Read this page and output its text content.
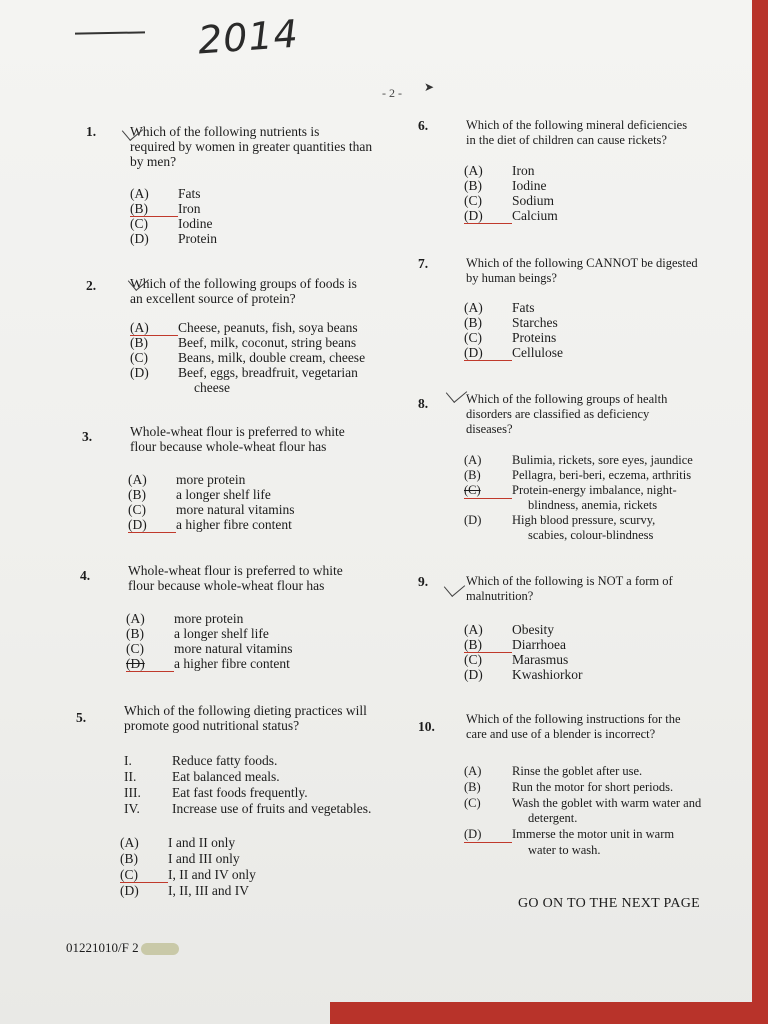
2014
- 2 - ➤
1.	Which of the following nutrients is
required by women in greater quantities than
by men?
(A) Fats
(B) Iron
(C) Iodine
(D) Protein
2.	Which of the following groups of foods is
an excellent source of protein?
(A) Cheese, peanuts, fish, soya beans
(B) Beef, milk, coconut, string beans
(C) Beans, milk, double cream, cheese
(D) Beef, eggs, breadfruit, vegetarian
cheese
3.	Whole-wheat flour is preferred to white
flour because whole-wheat flour has
(A) more protein
(B) a longer shelf life
(C) more natural vitamins
(D) a higher fibre content
4.	Whole-wheat flour is preferred to white
flour because whole-wheat flour has
(A) more protein
(B) a longer shelf life
(C) more natural vitamins
(D) a higher fibre content
5.	Which of the following dieting practices will
promote good nutritional status?
I.	Reduce fatty foods.
II.	Eat balanced meals.
III. Eat fast foods frequently.
IV. Increase use of fruits and vegetables.
(A) I and II only
(B) I and III only
(C) I, II and IV only
(D) I, II, III and IV
6.	Which of the following mineral deficiencies
in the diet of children can cause rickets?
(A) Iron
(B) Iodine
(C) Sodium
(D) Calcium
7.	Which of the following CANNOT be digested
by human beings?
(A) Fats
(B) Starches
(C) Proteins
(D) Cellulose
8.	Which of the following groups of health
disorders are classified as deficiency
diseases?
(A) Bulimia, rickets, sore eyes, jaundice
(B)	Pellagra, beri-beri, eczema, arthritis
(C)	Protein-energy imbalance, night-
blindness, anemia, rickets
(D) High blood pressure, scurvy,
scabies, colour-blindness
9.	Which of the following is NOT a form of
malnutrition?
(A) Obesity
(B) Diarrhoea
(C) Marasmus
(D) Kwashiorkor
10. Which of the following instructions for the
care and use of a blender is incorrect?
(A) Rinse the goblet after use.
(B)	Run the motor for short periods.
(C)	Wash the goblet with warm water and
detergent.
(D) Immerse the motor unit in warm
water to wash.
GO ON TO THE NEXT PAGE
01221010/F 2
